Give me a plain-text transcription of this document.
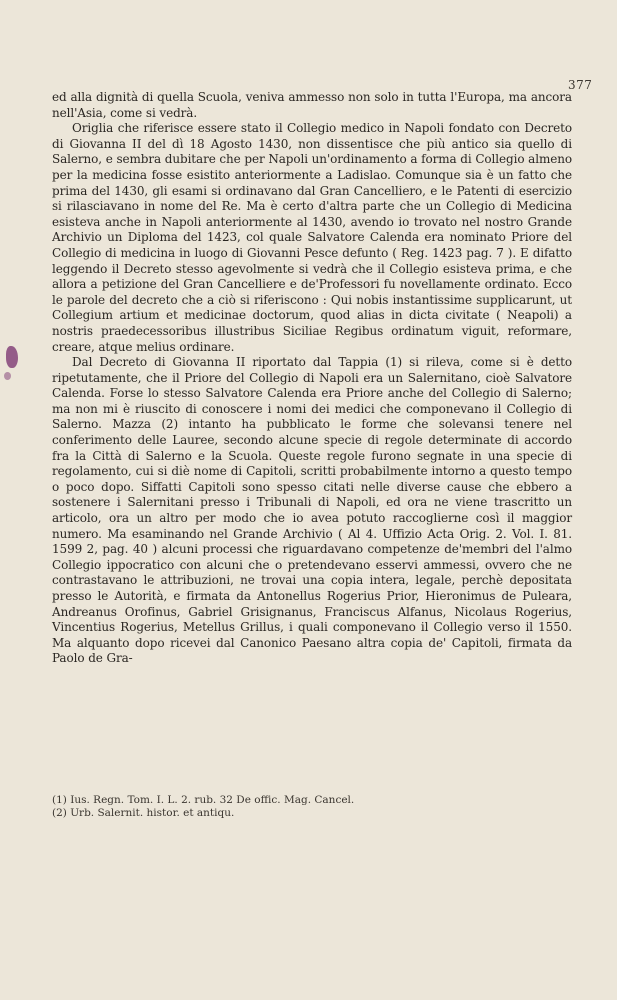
377

ed alla dignità di quella Scuola, veniva ammesso non solo in tutta l'Europa, ma ancora nell'Asia, come si vedrà.

Origlia che riferisce essere stato il Collegio medico in Napoli fondato con Decreto di Giovanna II del dì 18 Agosto 1430, non dissentisce che più antico sia quello di Salerno, e sembra dubitare che per Napoli un'ordinamento a forma di Collegio almeno per la medicina fosse esistito anteriormente a Ladislao. Comunque sia è un fatto che prima del 1430, gli esami si ordinavano dal Gran Cancelliero, e le Patenti di esercizio si rilasciavano in nome del Re. Ma è certo d'altra parte che un Collegio di Medicina esisteva anche in Napoli anteriormente al 1430, avendo io trovato nel nostro Grande Archivio un Diploma del 1423, col quale Salvatore Calenda era nominato Priore del Collegio di medicina in luogo di Giovanni Pesce defunto ( Reg. 1423 pag. 7 ). E difatto leggendo il Decreto stesso agevolmente si vedrà che il Collegio esisteva prima, e che allora a petizione del Gran Cancelliere e de'Professori fu novellamente ordinato. Ecco le parole del decreto che a ciò si riferiscono : Qui nobis instantissime supplicarunt, ut Collegium artium et medicinae doctorum, quod alias in dicta civitate ( Neapoli) a nostris praedecessoribus illustribus Siciliae Regibus ordinatum viguit, reformare, creare, atque melius ordinare.

Dal Decreto di Giovanna II riportato dal Tappia (1) si rileva, come si è detto ripetutamente, che il Priore del Collegio di Napoli era un Salernitano, cioè Salvatore Calenda. Forse lo stesso Salvatore Calenda era Priore anche del Collegio di Salerno; ma non mi è riuscito di conoscere i nomi dei medici che componevano il Collegio di Salerno. Mazza (2) intanto ha pubblicato le forme che solevansi tenere nel conferimento delle Lauree, secondo alcune specie di regole determinate di accordo fra la Città di Salerno e la Scuola. Queste regole furono segnate in una specie di regolamento, cui si diè nome di Capitoli, scritti probabilmente intorno a questo tempo o poco dopo. Siffatti Capitoli sono spesso citati nelle diverse cause che ebbero a sostenere i Salernitani presso i Tribunali di Napoli, ed ora ne viene trascritto un articolo, ora un altro per modo che io avea potuto raccoglierne così il maggior numero. Ma esaminando nel Grande Archivio ( Al 4. Uffizio Acta Orig. 2. Vol. I. 81. 1599 2, pag. 40 ) alcuni processi che riguardavano competenze de'membri del l'almo Collegio ippocratico con alcuni che o pretendevano esservi ammessi, ovvero che ne contrastavano le attribuzioni, ne trovai una copia intera, legale, perchè depositata presso le Autorità, e firmata da Antonellus Rogerius Prior, Hieronimus de Puleara, Andreanus Orofinus, Gabriel Grisignanus, Franciscus Alfanus, Nicolaus Rogerius, Vincentius Rogerius, Metellus Grillus, i quali componevano il Collegio verso il 1550. Ma alquanto dopo ricevei dal Canonico Paesano altra copia de' Capitoli, firmata da Paolo de Gra-

(1) Ius. Regn. Tom. I. L. 2. rub. 32 De offic. Mag. Cancel.
(2) Urb. Salernit. histor. et antiqu.
